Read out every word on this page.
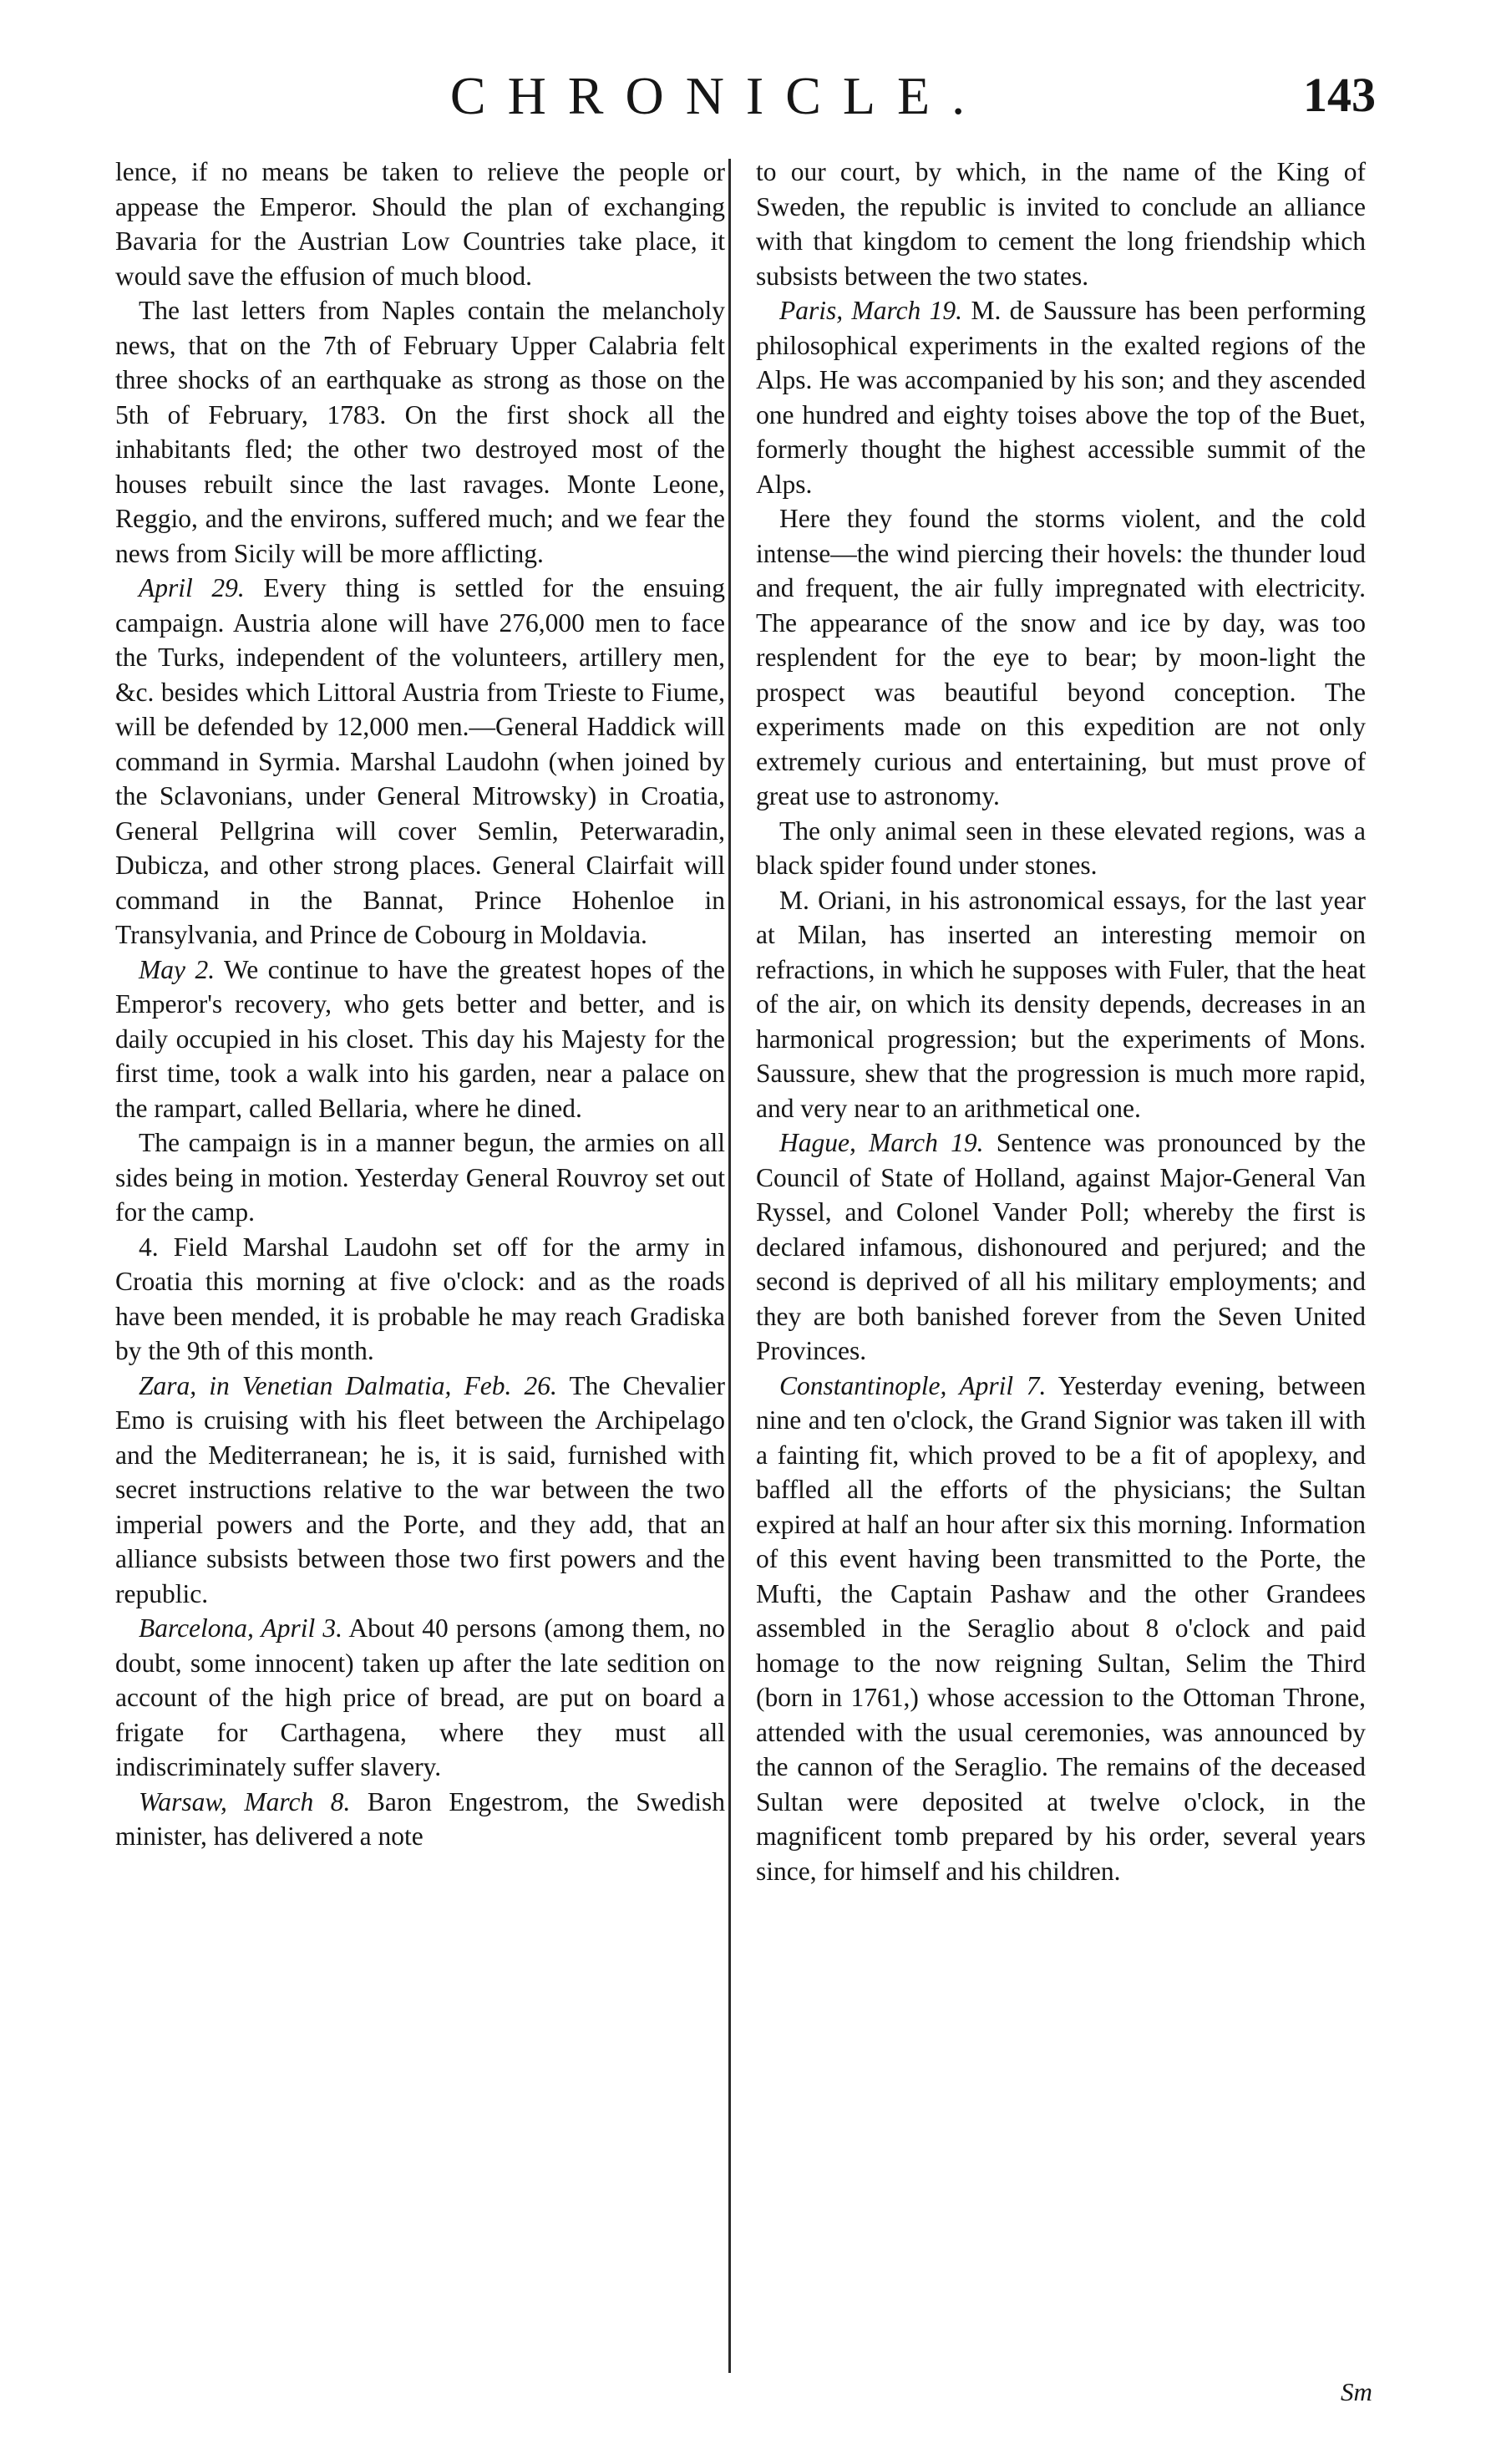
CHRONICLE.	143

lence, if no means be taken to relieve the people or appease the Emperor. Should the plan of exchanging Bavaria for the Austrian Low Countries take place, it would save the effusion of much blood.

The last letters from Naples contain the melancholy news, that on the 7th of February Upper Calabria felt three shocks of an earthquake as strong as those on the 5th of February, 1783. On the first shock all the inhabitants fled; the other two destroyed most of the houses rebuilt since the last ravages. Monte Leone, Reggio, and the environs, suffered much; and we fear the news from Sicily will be more afflicting.

April 29. Every thing is settled for the ensuing campaign. Austria alone will have 276,000 men to face the Turks, independent of the volunteers, artillery men, &c. besides which Littoral Austria from Trieste to Fiume, will be defended by 12,000 men.—General Haddick will command in Syrmia. Marshal Laudohn (when joined by the Sclavonians, under General Mitrowsky) in Croatia, General Pellgrina will cover Semlin, Peterwaradin, Dubicza, and other strong places. General Clairfait will command in the Bannat, Prince Hohenloe in Transylvania, and Prince de Cobourg in Moldavia.

May 2. We continue to have the greatest hopes of the Emperor's recovery, who gets better and better, and is daily occupied in his closet. This day his Majesty for the first time, took a walk into his garden, near a palace on the rampart, called Bellaria, where he dined.

The campaign is in a manner begun, the armies on all sides being in motion. Yesterday General Rouvroy set out for the camp.

4. Field Marshal Laudohn set off for the army in Croatia this morning at five o'clock: and as the roads have been mended, it is probable he may reach Gradiska by the 9th of this month.

Zara, in Venetian Dalmatia, Feb. 26. The Chevalier Emo is cruising with his fleet between the Archipelago and the Mediterranean; he is, it is said, furnished with secret instructions relative to the war between the two imperial powers and the Porte, and they add, that an alliance subsists between those two first powers and the republic.

Barcelona, April 3. About 40 persons (among them, no doubt, some innocent) taken up after the late sedition on account of the high price of bread, are put on board a frigate for Carthagena, where they must all indiscriminately suffer slavery.

Warsaw, March 8. Baron Engestrom, the Swedish minister, has delivered a note

to our court, by which, in the name of the King of Sweden, the republic is invited to conclude an alliance with that kingdom to cement the long friendship which subsists between the two states.

Paris, March 19. M. de Saussure has been performing philosophical experiments in the exalted regions of the Alps. He was accompanied by his son; and they ascended one hundred and eighty toises above the top of the Buet, formerly thought the highest accessible summit of the Alps.

Here they found the storms violent, and the cold intense—the wind piercing their hovels: the thunder loud and frequent, the air fully impregnated with electricity. The appearance of the snow and ice by day, was too resplendent for the eye to bear; by moon-light the prospect was beautiful beyond conception. The experiments made on this expedition are not only extremely curious and entertaining, but must prove of great use to astronomy.

The only animal seen in these elevated regions, was a black spider found under stones.

M. Oriani, in his astronomical essays, for the last year at Milan, has inserted an interesting memoir on refractions, in which he supposes with Fuler, that the heat of the air, on which its density depends, decreases in an harmonical progression; but the experiments of Mons. Saussure, shew that the progression is much more rapid, and very near to an arithmetical one.

Hague, March 19. Sentence was pronounced by the Council of State of Holland, against Major-General Van Ryssel, and Colonel Vander Poll; whereby the first is declared infamous, dishonoured and perjured; and the second is deprived of all his military employments; and they are both banished forever from the Seven United Provinces.

Constantinople, April 7. Yesterday evening, between nine and ten o'clock, the Grand Signior was taken ill with a fainting fit, which proved to be a fit of apoplexy, and baffled all the efforts of the physicians; the Sultan expired at half an hour after six this morning. Information of this event having been transmitted to the Porte, the Mufti, the Captain Pashaw and the other Grandees assembled in the Seraglio about 8 o'clock and paid homage to the now reigning Sultan, Selim the Third (born in 1761,) whose accession to the Ottoman Throne, attended with the usual ceremonies, was announced by the cannon of the Seraglio. The remains of the deceased Sultan were deposited at twelve o'clock, in the magnificent tomb prepared by his order, several years since, for himself and his children.

Sm
